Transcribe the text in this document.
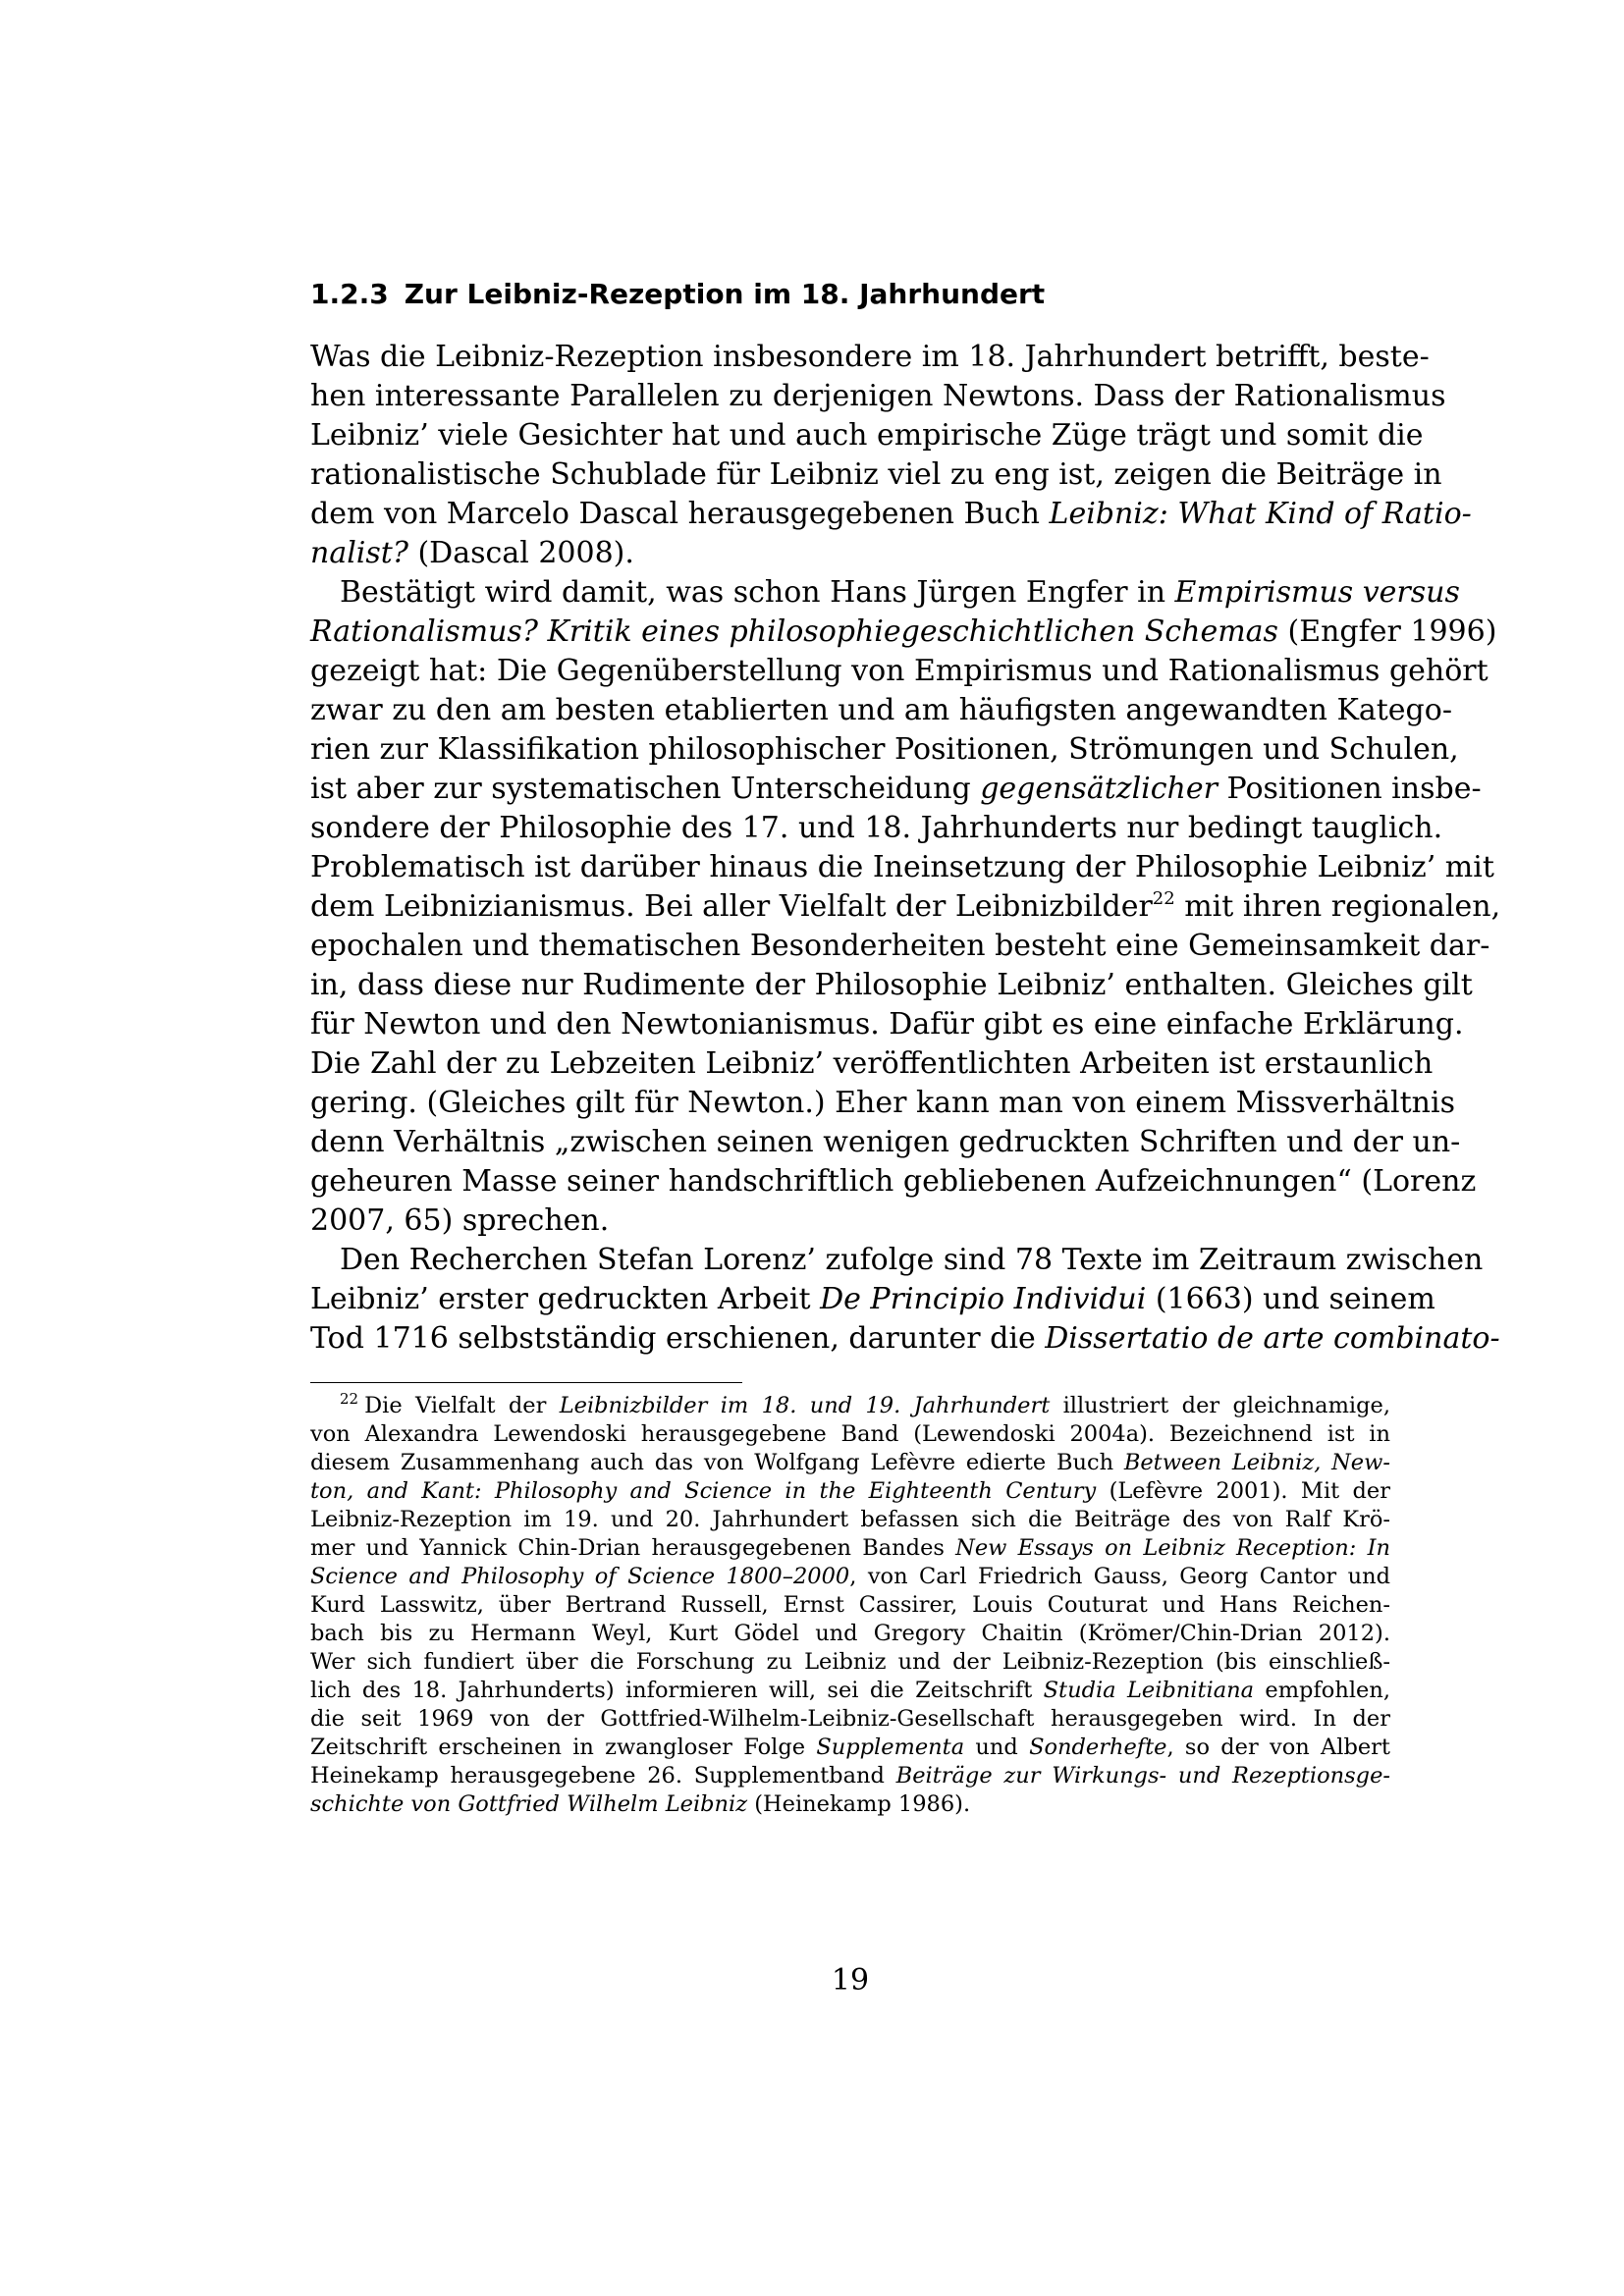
1.2.3 Zur Leibniz-Rezeption im 18. Jahrhundert
Was die Leibniz-Rezeption insbesondere im 18. Jahrhundert betrifft, beste-
hen interessante Parallelen zu derjenigen Newtons. Dass der Rationalismus
Leibniz’ viele Gesichter hat und auch empirische Züge trägt und somit die
rationalistische Schublade für Leibniz viel zu eng ist, zeigen die Beiträge in
dem von Marcelo Dascal herausgegebenen Buch Leibniz: What Kind of Ratio-
nalist? (Dascal 2008).
Bestätigt wird damit, was schon Hans Jürgen Engfer in Empirismus versus
Rationalismus? Kritik eines philosophiegeschichtlichen Schemas (Engfer 1996)
gezeigt hat: Die Gegenüberstellung von Empirismus und Rationalismus gehört
zwar zu den am besten etablierten und am häufigsten angewandten Katego-
rien zur Klassifikation philosophischer Positionen, Strömungen und Schulen,
ist aber zur systematischen Unterscheidung gegensätzlicher Positionen insbe-
sondere der Philosophie des 17. und 18. Jahrhunderts nur bedingt tauglich.
Problematisch ist darüber hinaus die Ineinsetzung der Philosophie Leibniz’ mit
dem Leibnizianismus. Bei aller Vielfalt der Leibnizbilder$^{22}$ mit ihren regionalen,
epochalen und thematischen Besonderheiten besteht eine Gemeinsamkeit dar-
in, dass diese nur Rudimente der Philosophie Leibniz’ enthalten. Gleiches gilt
für Newton und den Newtonianismus. Dafür gibt es eine einfache Erklärung.
Die Zahl der zu Lebzeiten Leibniz’ veröffentlichten Arbeiten ist erstaunlich
gering. (Gleiches gilt für Newton.) Eher kann man von einem Missverhältnis
denn Verhältnis „zwischen seinen wenigen gedruckten Schriften und der un-
geheuren Masse seiner handschriftlich gebliebenen Aufzeichnungen“ (Lorenz
2007, 65) sprechen.
Den Recherchen Stefan Lorenz’ zufolge sind 78 Texte im Zeitraum zwischen
Leibniz’ erster gedruckten Arbeit De Principio Individui (1663) und seinem
Tod 1716 selbstständig erschienen, darunter die Dissertatio de arte combinato-
$^{22}$ Die Vielfalt der Leibnizbilder im 18. und 19. Jahrhundert illustriert der gleichnamige,
von Alexandra Lewendoski herausgegebene Band (Lewendoski 2004a). Bezeichnend ist in
diesem Zusammenhang auch das von Wolfgang Lefèvre edierte Buch Between Leibniz, New-
ton, and Kant: Philosophy and Science in the Eighteenth Century (Lefèvre 2001). Mit der
Leibniz-Rezeption im 19. und 20. Jahrhundert befassen sich die Beiträge des von Ralf Krö-
mer und Yannick Chin-Drian herausgegebenen Bandes New Essays on Leibniz Reception: In
Science and Philosophy of Science 1800–2000, von Carl Friedrich Gauss, Georg Cantor und
Kurd Lasswitz, über Bertrand Russell, Ernst Cassirer, Louis Couturat und Hans Reichen-
bach bis zu Hermann Weyl, Kurt Gödel und Gregory Chaitin (Krömer/Chin-Drian 2012).
Wer sich fundiert über die Forschung zu Leibniz und der Leibniz-Rezeption (bis einschließ-
lich des 18. Jahrhunderts) informieren will, sei die Zeitschrift Studia Leibnitiana empfohlen,
die seit 1969 von der Gottfried-Wilhelm-Leibniz-Gesellschaft herausgegeben wird. In der
Zeitschrift erscheinen in zwangloser Folge Supplementa und Sonderhefte, so der von Albert
Heinekamp herausgegebene 26. Supplementband Beiträge zur Wirkungs- und Rezeptionsge-
schichte von Gottfried Wilhelm Leibniz (Heinekamp 1986).
19
